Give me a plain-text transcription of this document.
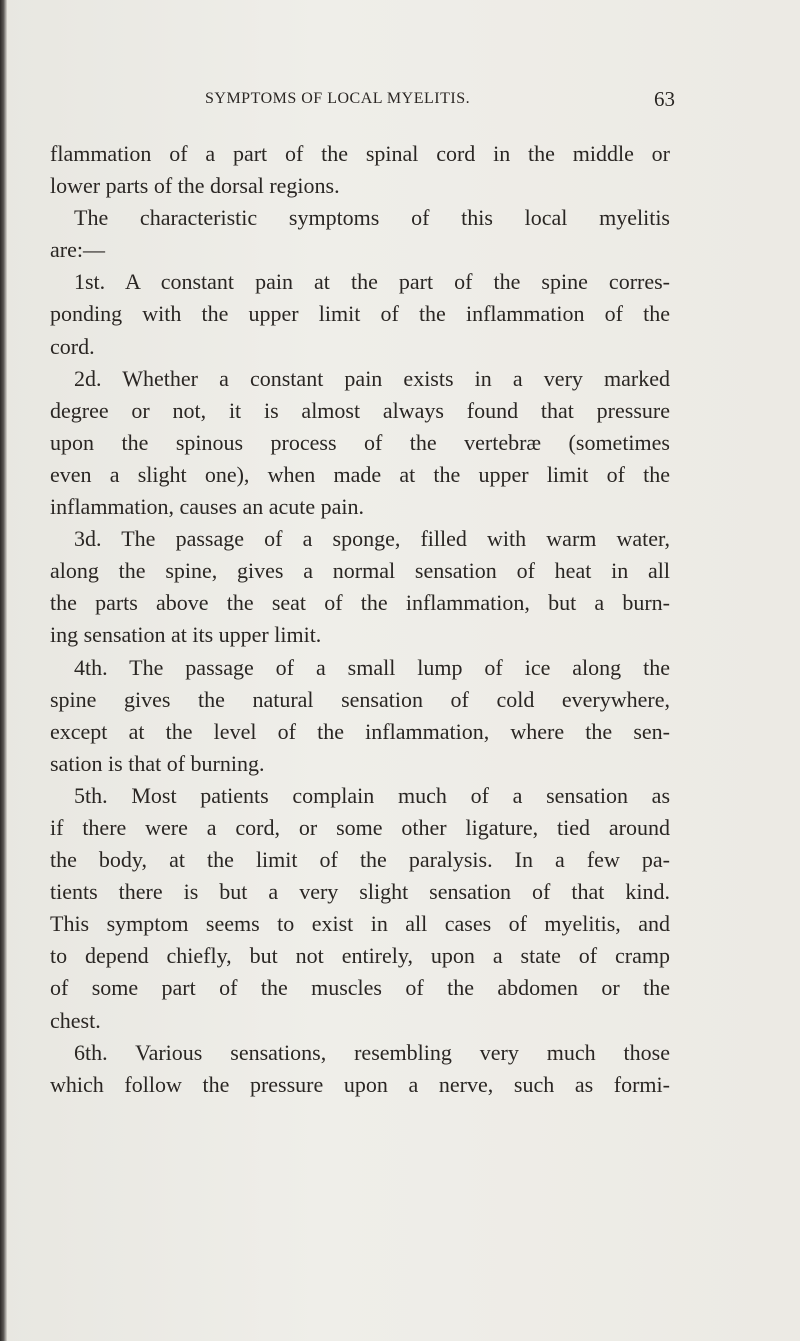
SYMPTOMS OF LOCAL MYELITIS.	63
flammation of a part of the spinal cord in the middle or
lower parts of the dorsal regions.
The characteristic symptoms of this local myelitis
are:—
1st. A constant pain at the part of the spine corres-
ponding with the upper limit of the inflammation of the
cord.
2d. Whether a constant pain exists in a very marked
degree or not, it is almost always found that pressure
upon the spinous process of the vertebræ (sometimes
even a slight one), when made at the upper limit of the
inflammation, causes an acute pain.
3d. The passage of a sponge, filled with warm water,
along the spine, gives a normal sensation of heat in all
the parts above the seat of the inflammation, but a burn-
ing sensation at its upper limit.
4th. The passage of a small lump of ice along the
spine gives the natural sensation of cold everywhere,
except at the level of the inflammation, where the sen-
sation is that of burning.
5th. Most patients complain much of a sensation as
if there were a cord, or some other ligature, tied around
the body, at the limit of the paralysis. In a few pa-
tients there is but a very slight sensation of that kind.
This symptom seems to exist in all cases of myelitis, and
to depend chiefly, but not entirely, upon a state of cramp
of some part of the muscles of the abdomen or the
chest.
6th. Various sensations, resembling very much those
which follow the pressure upon a nerve, such as formi-
